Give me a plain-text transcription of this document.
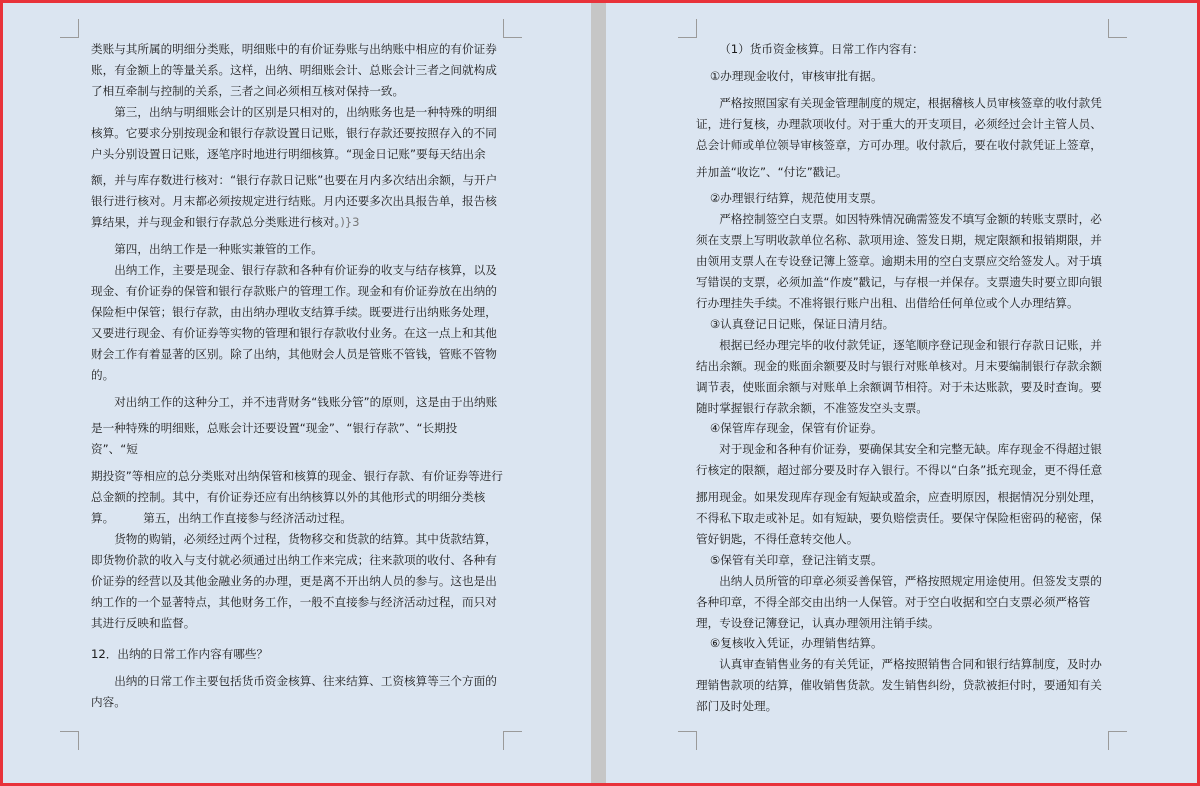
类账与其所属的明细分类账，明细账中的有价证券账与出纳账中相应的有价证券账，有金额上的等量关系。这样，出纳、明细账会计、总账会计三者之间就构成了相互牵制与控制的关系，三者之间必须相互核对保持一致。

第三，出纳与明细账会计的区别是只相对的，出纳账务也是一种特殊的明细核算。它要求分别按现金和银行存款设置日记账，银行存款还要按照存入的不同户头分别设置日记账，逐笔序时地进行明细核算。“现金日记账”要每天结出余

额，并与库存数进行核对：“银行存款日记账”也要在月内多次结出余额，与开户银行进行核对。月末都必须按规定进行结账。月内还要多次出具报告单，报告核算结果，并与现金和银行存款总分类账进行核对。)}3

第四，出纳工作是一种账实兼管的工作。

出纳工作，主要是现金、银行存款和各种有价证券的收支与结存核算，以及现金、有价证券的保管和银行存款账户的管理工作。现金和有价证券放在出纳的保险柜中保管；银行存款，由出纳办理收支结算手续。既要进行出纳账务处理，又要进行现金、有价证券等实物的管理和银行存款收付业务。在这一点上和其他财会工作有着显著的区别。除了出纳，其他财会人员是管账不管钱，管账不管物的。

对出纳工作的这种分工，并不违背财务“钱账分管”的原则，这是由于出纳账

是一种特殊的明细账，总账会计还要设置“现金”、“银行存款”、“长期投资”、“短

期投资”等相应的总分类账对出纳保管和核算的现金、银行存款、有价证券等进行总金额的控制。其中，有价证券还应有出纳核算以外的其他形式的明细分类核算。	第五，出纳工作直接参与经济活动过程。

货物的购销，必须经过两个过程，货物移交和货款的结算。其中货款结算，即货物价款的收入与支付就必须通过出纳工作来完成；往来款项的收付、各种有价证券的经营以及其他金融业务的办理，更是离不开出纳人员的参与。这也是出纳工作的一个显著特点，其他财务工作，一般不直接参与经济活动过程，而只对其进行反映和监督。

12．出纳的日常工作内容有哪些？

出纳的日常工作主要包括货币资金核算、往来结算、工资核算等三个方面的内容。

（1）货币资金核算。日常工作内容有：

①办理现金收付，审核审批有据。

严格按照国家有关现金管理制度的规定，根据稽核人员审核签章的收付款凭证，进行复核，办理款项收付。对于重大的开支项目，必须经过会计主管人员、总会计师或单位领导审核签章，方可办理。收付款后，要在收付款凭证上签章，

并加盖“收讫”、“付讫”戳记。

②办理银行结算，规范使用支票。

严格控制签空白支票。如因特殊情况确需签发不填写金额的转账支票时，必须在支票上写明收款单位名称、款项用途、签发日期，规定限额和报销期限，并由领用支票人在专设登记簿上签章。逾期未用的空白支票应交给签发人。对于填写错误的支票，必须加盖“作废”戳记，与存根一并保存。支票遗失时要立即向银行办理挂失手续。不准将银行账户出租、出借给任何单位或个人办理结算。

③认真登记日记账，保证日清月结。

根据已经办理完毕的收付款凭证，逐笔顺序登记现金和银行存款日记账，并结出余额。现金的账面余额要及时与银行对账单核对。月末要编制银行存款余额调节表，使账面余额与对账单上余额调节相符。对于未达账款，要及时查询。要随时掌握银行存款余额，不准签发空头支票。

④保管库存现金，保管有价证券。

对于现金和各种有价证券，要确保其安全和完整无缺。库存现金不得超过银行核定的限额，超过部分要及时存入银行。不得以“白条”抵充现金，更不得任意

挪用现金。如果发现库存现金有短缺或盈余，应查明原因，根据情况分别处理，不得私下取走或补足。如有短缺，要负赔偿责任。要保守保险柜密码的秘密，保管好钥匙，不得任意转交他人。

⑤保管有关印章，登记注销支票。

出纳人员所管的印章必须妥善保管，严格按照规定用途使用。但签发支票的各种印章，不得全部交由出纳一人保管。对于空白收据和空白支票必须严格管理，专设登记簿登记，认真办理领用注销手续。

⑥复核收入凭证，办理销售结算。

认真审查销售业务的有关凭证，严格按照销售合同和银行结算制度，及时办理销售款项的结算，催收销售货款。发生销售纠纷，贷款被拒付时，要通知有关部门及时处理。
